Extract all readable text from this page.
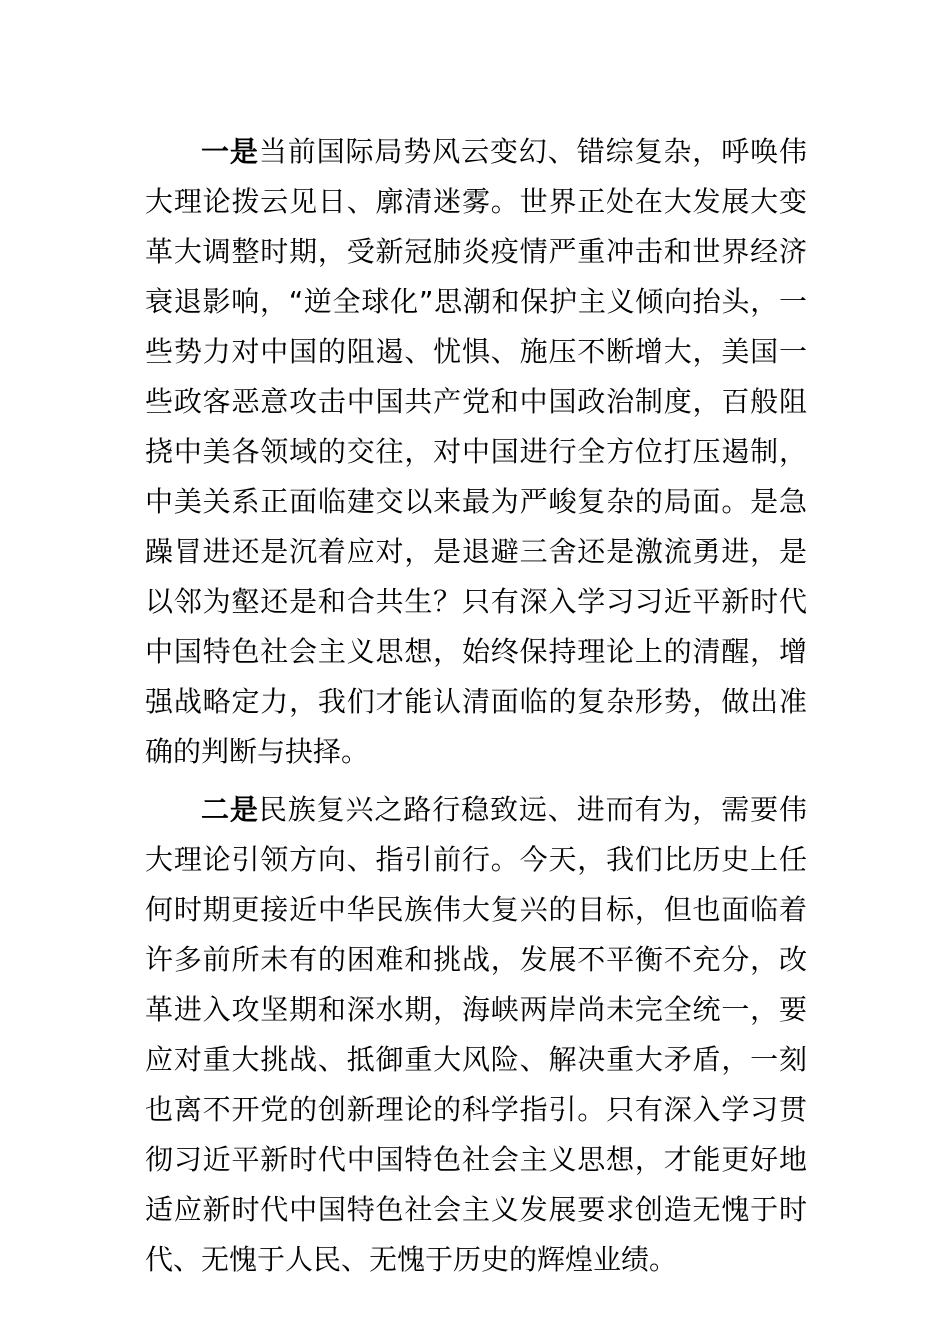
一是当前国际局势风云变幻、错综复杂，呼唤伟大理论拨云见日、廓清迷雾。世界正处在大发展大变革大调整时期，受新冠肺炎疫情严重冲击和世界经济衰退影响，“逆全球化”思潮和保护主义倾向抬头，一些势力对中国的阻遏、忧惧、施压不断增大，美国一些政客恶意攻击中国共产党和中国政治制度，百般阻挠中美各领域的交往，对中国进行全方位打压遏制，中美关系正面临建交以来最为严峻复杂的局面。是急躁冒进还是沉着应对，是退避三舍还是激流勇进，是以邻为壑还是和合共生？只有深入学习习近平新时代中国特色社会主义思想，始终保持理论上的清醒，增强战略定力，我们才能认清面临的复杂形势，做出准确的判断与抉择。

二是民族复兴之路行稳致远、进而有为，需要伟大理论引领方向、指引前行。今天，我们比历史上任何时期更接近中华民族伟大复兴的目标，但也面临着许多前所未有的困难和挑战，发展不平衡不充分，改革进入攻坚期和深水期，海峡两岸尚未完全统一，要应对重大挑战、抵御重大风险、解决重大矛盾，一刻也离不开党的创新理论的科学指引。只有深入学习贯彻习近平新时代中国特色社会主义思想，才能更好地适应新时代中国特色社会主义发展要求创造无愧于时代、无愧于人民、无愧于历史的辉煌业绩。
